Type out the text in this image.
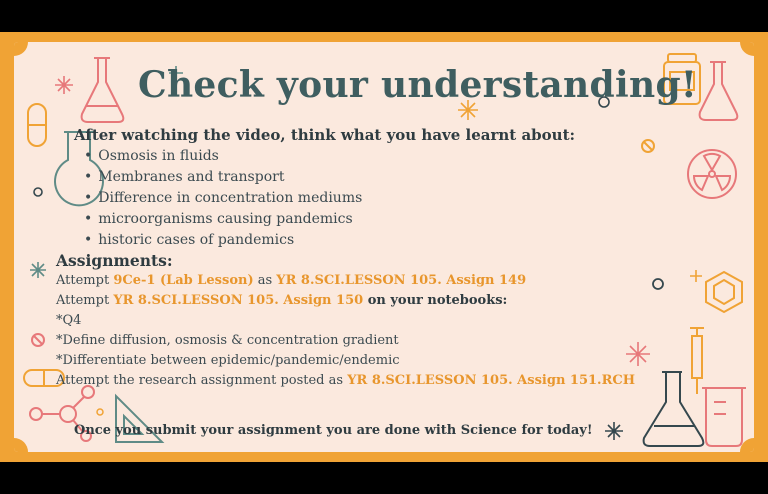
Check your understanding!
After watching the video, think what you have learnt about:
• Osmosis in fluids
• Membranes and transport
• Difference in concentration mediums
• microorganisms causing pandemics
• historic cases of pandemics
Assignments:
Attempt 9Ce-1 (Lab Lesson) as YR 8.SCI.LESSON 105. Assign 149
Attempt YR 8.SCI.LESSON 105. Assign 150 on your notebooks:
*Q4
*Define diffusion, osmosis & concentration gradient
*Differentiate between epidemic/pandemic/endemic
Attempt the research assignment posted as YR 8.SCI.LESSON 105. Assign 151.RCH
Once you submit your assignment you are done with Science for today!
